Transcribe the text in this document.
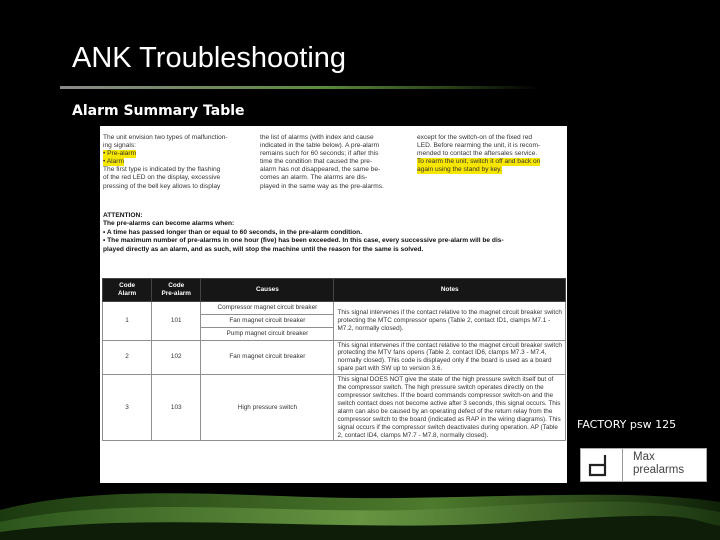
ANK Troubleshooting
Alarm Summary Table
The unit envision two types of malfunction-
ing signals:
• Pre-alarm
• Alarm
The first type is indicated by the flashing
of the red LED on the display, excessive
pressing of the bell key allows to display
the list of alarms (with index and cause
indicated in the table below). A pre-alarm
remains such for 60 seconds; if after this
time the condition that caused the pre-
alarm has not disappeared, the same be-
comes an alarm. The alarms are dis-
played in the same way as the pre-alarms.
except for the switch-on of the fixed red
LED. Before rearming the unit, it is recom-
mended to contact the aftersales service.
To rearm the unit, switch it off and back on
again using the stand by key.
ATTENTION:
The pre-alarms can become alarms when:
• A time has passed longer than or equal to 60 seconds, in the pre-alarm condition.
• The maximum number of pre-alarms in one hour (five) has been exceeded. In this case, every successive pre-alarm will be dis-
played directly as an alarm, and as such, will stop the machine until the reason for the same is solved.
Code
Alarm	Code
Pre-alarm	Causes	Notes
1	101	Compressor magnet circuit breaker
Fan magnet circuit breaker
Pump magnet circuit breaker	This signal intervenes if the contact relative to the magnet circuit breaker switch protecting the MTC compressor opens (Table 2, contact ID1, clamps M7.1 - M7.2, normally closed).
2	102	Fan magnet circuit breaker	This signal intervenes if the contact relative to the magnet circuit breaker switch protecting the MTV fans opens (Table 2, contact ID6, clamps M7.3 - M7.4, normally closed). This code is displayed only if the board is used as a board spare part with SW up to version 3.6.
3	103	High pressure switch	This signal DOES NOT give the state of the high pressure switch itself but of the compressor switch. The high pressure switch operates directly on the compressor switches. If the board commands compressor switch-on and the switch contact does not become active after 3 seconds, this signal occurs. This alarm can also be caused by an operating defect of the return relay from the compressor switch to the board (indicated as RAP in the wiring diagrams). This signal occurs if the compressor switch deactivates during operation. AP (Table 2, contact ID4, clamps M7.7 - M7.8, normally closed).
FACTORY psw 125
Max
prealarms
